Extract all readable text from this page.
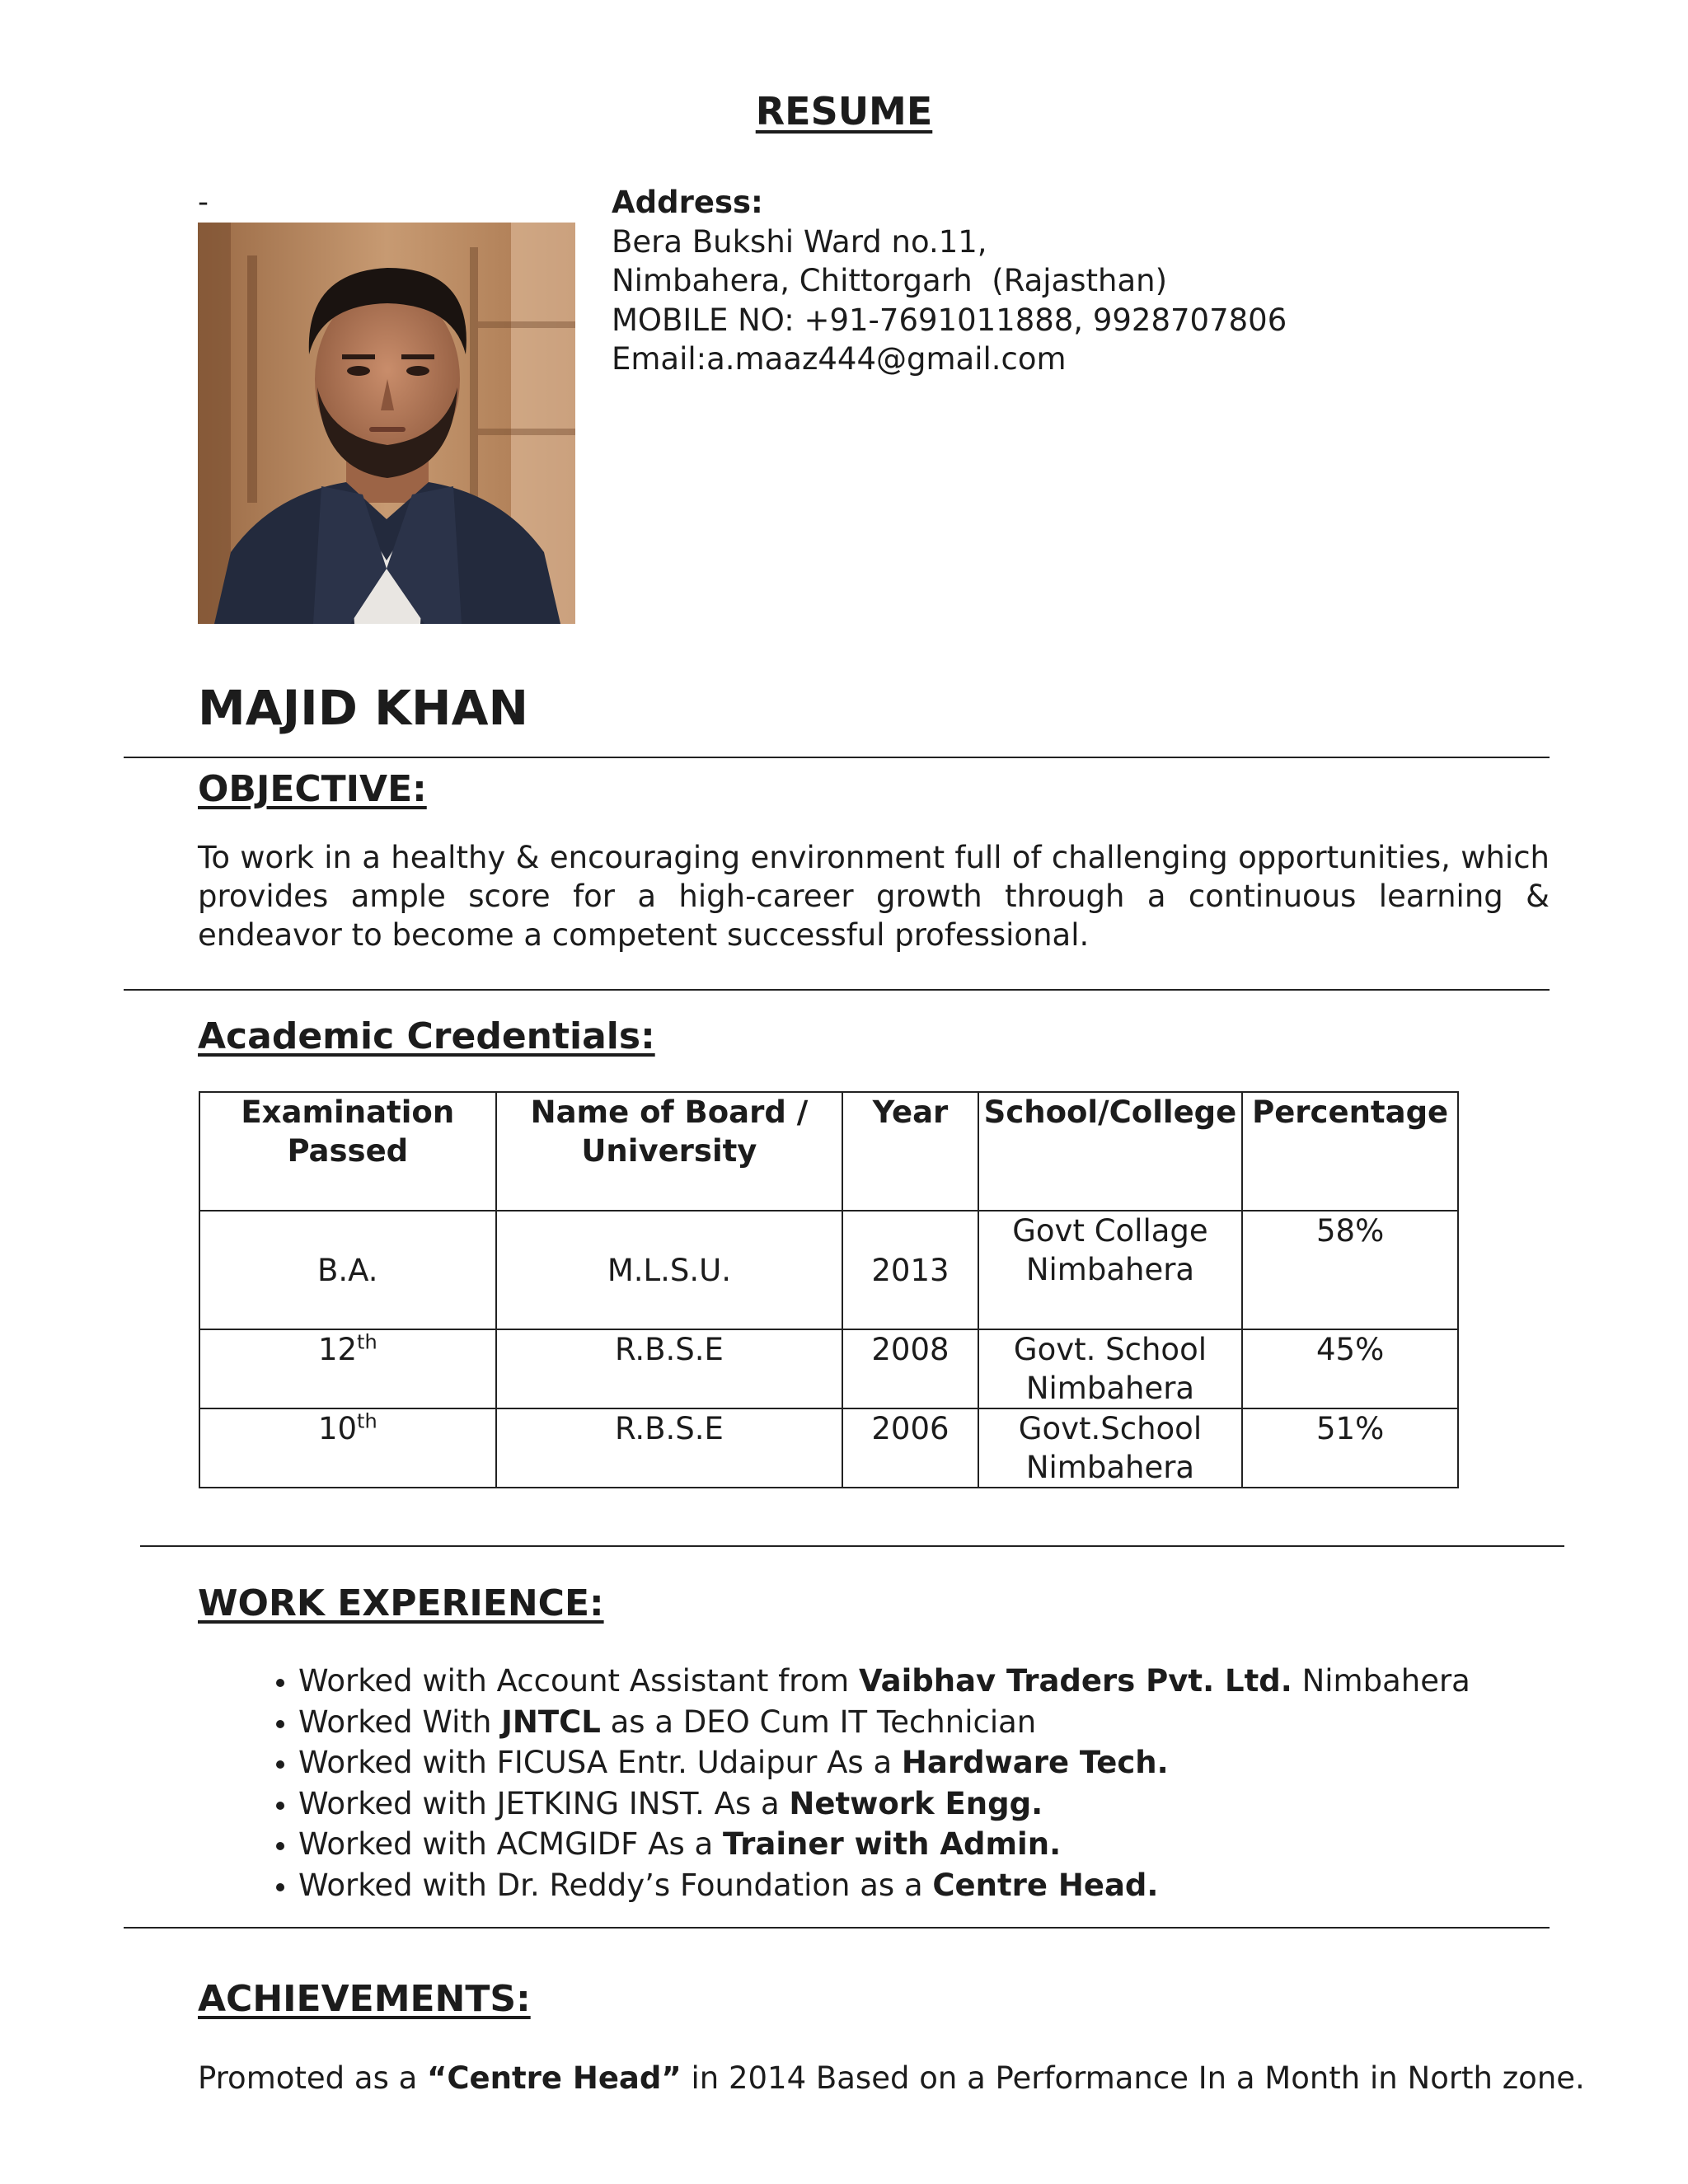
RESUME
-	Address:
Bera Bukshi Ward no.11,
Nimbahera, Chittorgarh  (Rajasthan)
MOBILE NO: +91-7691011888, 9928707806
Email:a.maaz444@gmail.com
MAJID KHAN
OBJECTIVE:
To work in a healthy & encouraging environment full of challenging opportunities, which provides ample score for a high-career growth through a continuous learning & endeavor to become a competent successful professional.
Academic Credentials:
Examination Passed	Name of Board / University	Year	School/College	Percentage
B.A.	M.L.S.U.	2013	Govt Collage Nimbahera	58%
12th	R.B.S.E	2008	Govt. School Nimbahera	45%
10th	R.B.S.E	2006	Govt.School Nimbahera	51%
WORK EXPERIENCE:
• Worked with Account Assistant from Vaibhav Traders Pvt. Ltd. Nimbahera
• Worked With JNTCL as a DEO Cum IT Technician
• Worked with FICUSA Entr. Udaipur As a Hardware Tech.
• Worked with JETKING INST. As a Network Engg.
• Worked with ACMGIDF As a Trainer with Admin.
• Worked with Dr. Reddy’s Foundation as a Centre Head.
ACHIEVEMENTS:
Promoted as a “Centre Head” in 2014 Based on a Performance In a Month in North zone.
